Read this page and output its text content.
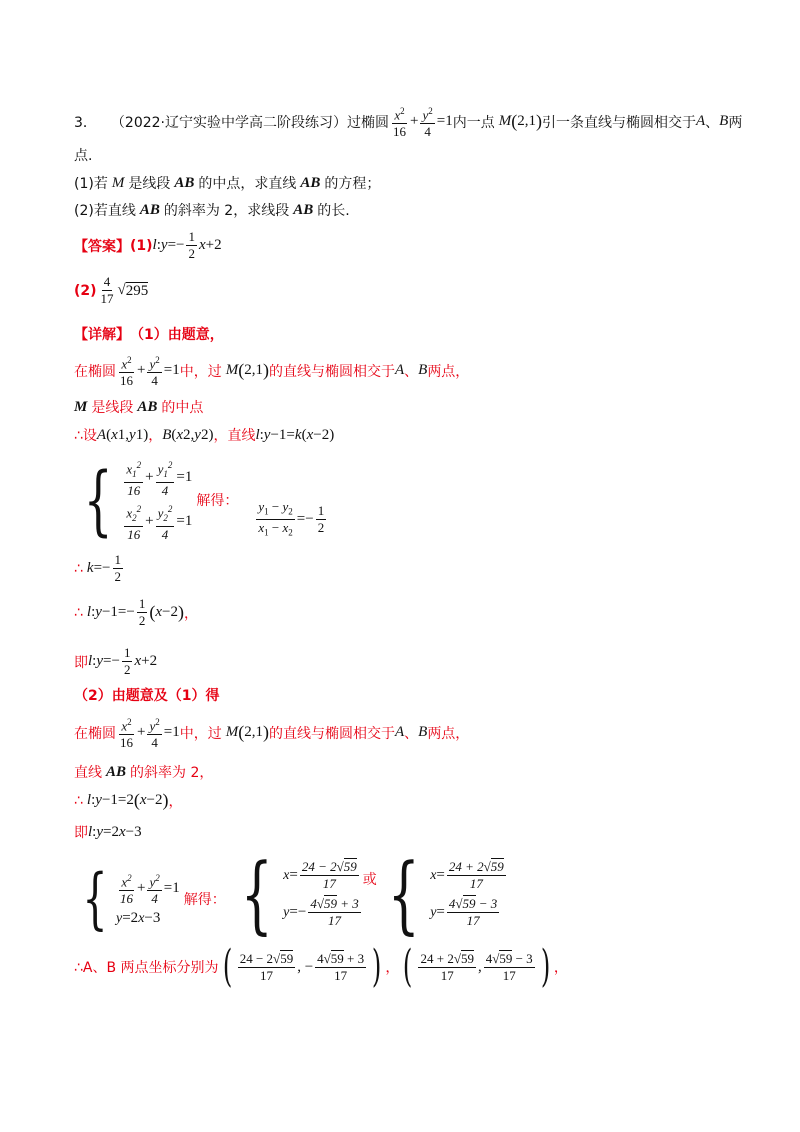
3． （2022·辽宁实验中学高二阶段练习） 过椭圆 $\frac{x^2}{16} + \frac{y^2}{4} =1$ 内一点 M ( 2,1 ) 引一条直线与椭圆相交于 A 、 B 两
点.
(1)若 M 是线段 AB 的中点，求直线 AB 的方程；
(2)若直线 AB 的斜率为 2，求线段 AB 的长.
【答案】 (1) l : $y =- \frac{1}{2}$ x +2
$(2) \frac{4}{17}$ √ 295
【详解】 （1）由题意，
在椭圆 $\frac{x^2}{16} + \frac{y^2}{4} =1$ 中，过 M ( 2,1 ) 的直线与椭圆相交于 A 、 B 两点，
M 是线段 AB 的中点
∴设 A ( x 1 , y 1 ) ， B ( x 2 , y 2 ) ， 直线 l : y −1= k ( x −2)
{ $\frac{x_1^2}{16} + \frac{y_1^2}{4} =1$
$\frac{x_2^2}{16} + \frac{y_2^2}{4} =1$
解得： $\frac{y_1 - y_2}{x_1 - x_2} =- \frac{1}{2}$
∴ $k =- \frac{1}{2}$
∴ l : $y -1=- \frac{1}{2}$ ( x −2 ) ，
即 l : $y =- \frac{1}{2}$ x +2
（2）由题意及（1）得
在椭圆 $\frac{x^2}{16} + \frac{y^2}{4} =1$ 中，过 M ( 2,1 ) 的直线与椭圆相交于 A 、 B 两点，
直线 AB 的斜率为 2，
∴ l : y −1=2 ( x −2 ) ，
即 l : y =2 x −3
{ $\frac{x^2}{16} + \frac{y^2}{4} =1$
y =2 x −3
解得： { $x = \frac{24 - 2√59}{17}$
$y =- \frac{4√59 + 3}{17}$
或 { $x = \frac{24 + 2√59}{17}$
$y = \frac{4√59 - 3}{17}$
∴A、B 两点坐标分别为 ( $\frac{24 - 2√59}{17}$ , − $\frac{4√59 + 3}{17}$ ) ， ( $\frac{24 + 2√59}{17}$ , $\frac{4√59 - 3}{17}$ ) ，
